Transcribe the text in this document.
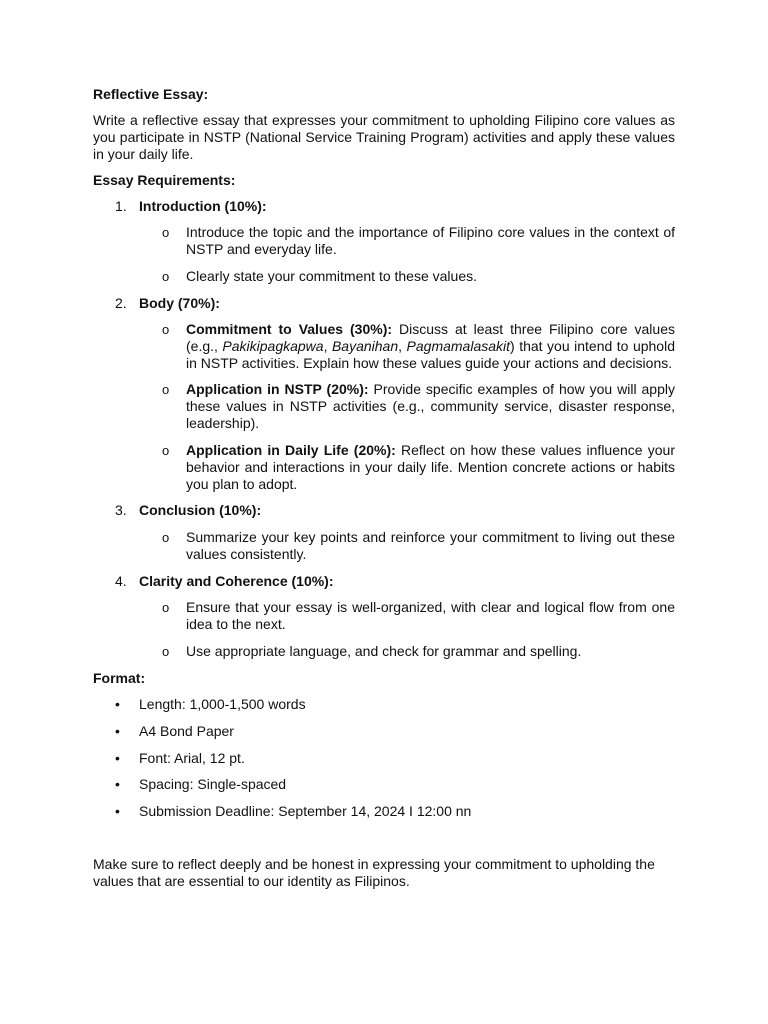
Reflective Essay:

Write a reflective essay that expresses your commitment to upholding Filipino core values as you participate in NSTP (National Service Training Program) activities and apply these values in your daily life.

Essay Requirements:

1. Introduction (10%):
o Introduce the topic and the importance of Filipino core values in the context of NSTP and everyday life.
o Clearly state your commitment to these values.
2. Body (70%):
o Commitment to Values (30%): Discuss at least three Filipino core values (e.g., Pakikipagkapwa, Bayanihan, Pagmamalasakit) that you intend to uphold in NSTP activities. Explain how these values guide your actions and decisions.
o Application in NSTP (20%): Provide specific examples of how you will apply these values in NSTP activities (e.g., community service, disaster response, leadership).
o Application in Daily Life (20%): Reflect on how these values influence your behavior and interactions in your daily life. Mention concrete actions or habits you plan to adopt.
3. Conclusion (10%):
o Summarize your key points and reinforce your commitment to living out these values consistently.
4. Clarity and Coherence (10%):
o Ensure that your essay is well-organized, with clear and logical flow from one idea to the next.
o Use appropriate language, and check for grammar and spelling.

Format:

• Length: 1,000-1,500 words
• A4 Bond Paper
• Font: Arial, 12 pt.
• Spacing: Single-spaced
• Submission Deadline: September 14, 2024 I 12:00 nn

Make sure to reflect deeply and be honest in expressing your commitment to upholding the values that are essential to our identity as Filipinos.
